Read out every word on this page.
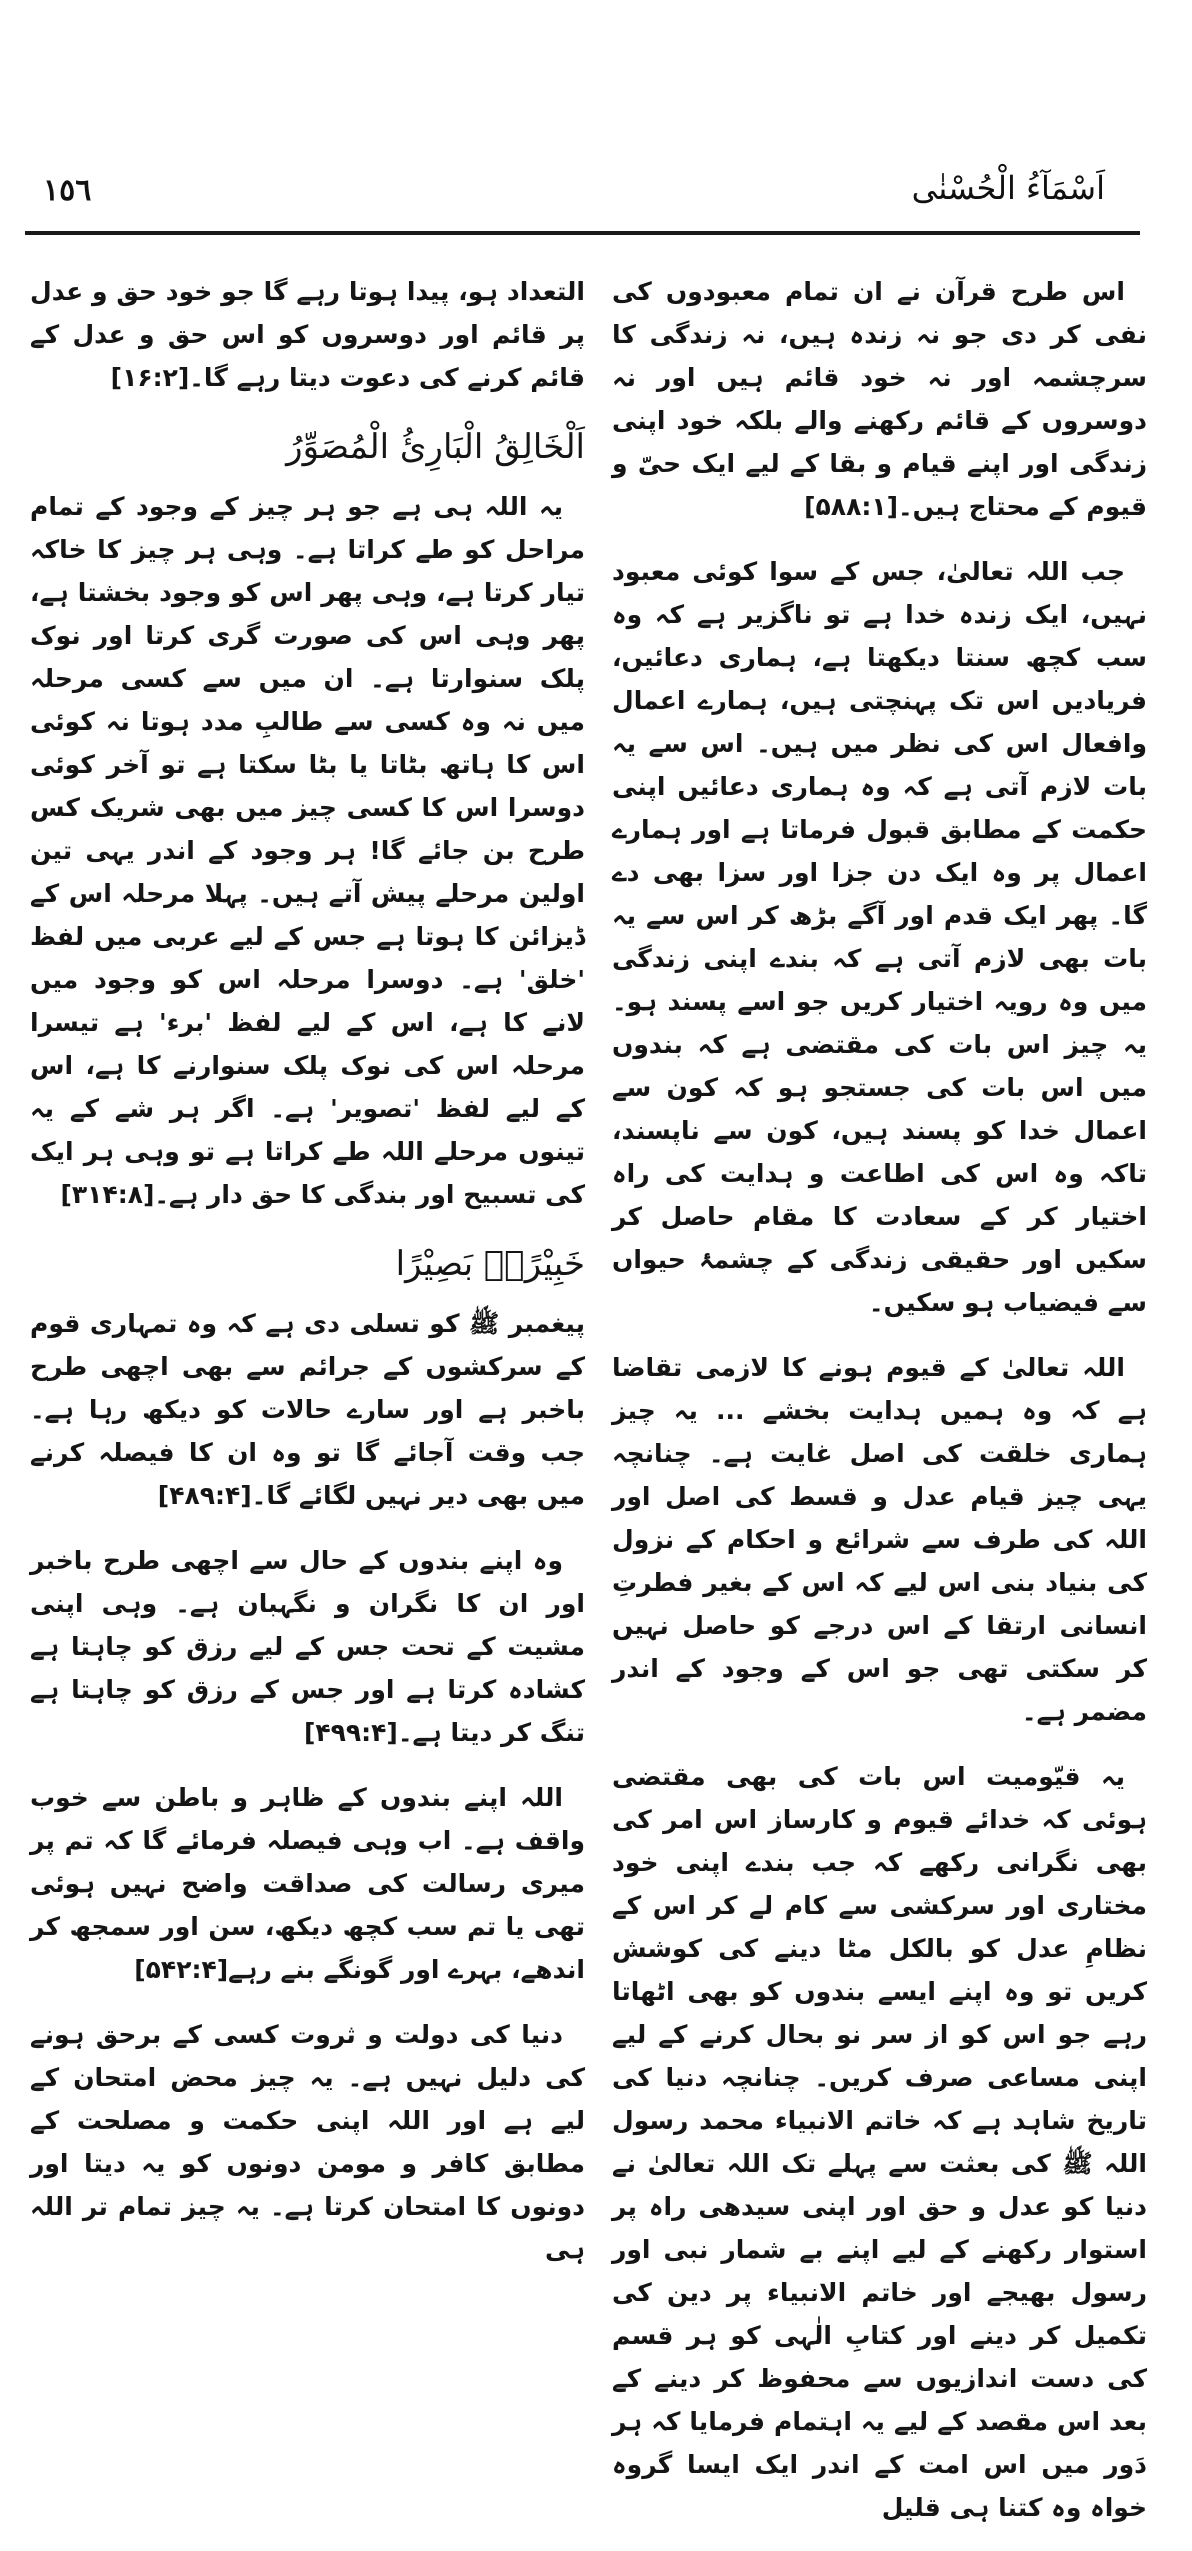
اَسْمَآءُ الْحُسْنٰی
١٥٦

اس طرح قرآن نے ان تمام معبودوں کی نفی کر دی جو نہ زندہ ہیں، نہ زندگی کا سرچشمہ اور نہ خود قائم ہیں اور نہ دوسروں کے قائم رکھنے والے بلکہ خود اپنی زندگی اور اپنے قیام و بقا کے لیے ایک حیّ و قیوم کے محتاج ہیں۔[۵۸۸:۱]

جب اللہ تعالیٰ، جس کے سوا کوئی معبود نہیں، ایک زندہ خدا ہے تو ناگزیر ہے کہ وہ سب کچھ سنتا دیکھتا ہے، ہماری دعائیں، فریادیں اس تک پہنچتی ہیں، ہمارے اعمال وافعال اس کی نظر میں ہیں۔ اس سے یہ بات لازم آتی ہے کہ وہ ہماری دعائیں اپنی حکمت کے مطابق قبول فرماتا ہے اور ہمارے اعمال پر وہ ایک دن جزا اور سزا بھی دے گا۔ پھر ایک قدم اور آگے بڑھ کر اس سے یہ بات بھی لازم آتی ہے کہ بندے اپنی زندگی میں وہ رویہ اختیار کریں جو اسے پسند ہو۔ یہ چیز اس بات کی مقتضی ہے کہ بندوں میں اس بات کی جستجو ہو کہ کون سے اعمال خدا کو پسند ہیں، کون سے ناپسند، تاکہ وہ اس کی اطاعت و ہدایت کی راہ اختیار کر کے سعادت کا مقام حاصل کر سکیں اور حقیقی زندگی کے چشمۂ حیواں سے فیضیاب ہو سکیں۔

اللہ تعالیٰ کے قیوم ہونے کا لازمی تقاضا ہے کہ وہ ہمیں ہدایت بخشے ... یہ چیز ہماری خلقت کی اصل غایت ہے۔ چنانچہ یہی چیز قیام عدل و قسط کی اصل اور اللہ کی طرف سے شرائع و احکام کے نزول کی بنیاد بنی اس لیے کہ اس کے بغیر فطرتِ انسانی ارتقا کے اس درجے کو حاصل نہیں کر سکتی تھی جو اس کے وجود کے اندر مضمر ہے۔

یہ قیّومیت اس بات کی بھی مقتضی ہوئی کہ خدائے قیوم و کارساز اس امر کی بھی نگرانی رکھے کہ جب بندے اپنی خود مختاری اور سرکشی سے کام لے کر اس کے نظامِ عدل کو بالکل مٹا دینے کی کوشش کریں تو وہ اپنے ایسے بندوں کو بھی اٹھاتا رہے جو اس کو از سر نو بحال کرنے کے لیے اپنی مساعی صرف کریں۔ چنانچہ دنیا کی تاریخ شاہد ہے کہ خاتم الانبیاء محمد رسول اللہ ﷺ کی بعثت سے پہلے تک اللہ تعالیٰ نے دنیا کو عدل و حق اور اپنی سیدھی راہ پر استوار رکھنے کے لیے اپنے بے شمار نبی اور رسول بھیجے اور خاتم الانبیاء پر دین کی تکمیل کر دینے اور کتابِ الٰہی کو ہر قسم کی دست اندازیوں سے محفوظ کر دینے کے بعد اس مقصد کے لیے یہ اہتمام فرمایا کہ ہر دَور میں اس امت کے اندر ایک ایسا گروہ خواہ وہ کتنا ہی قلیل

التعداد ہو، پیدا ہوتا رہے گا جو خود حق و عدل پر قائم اور دوسروں کو اس حق و عدل کے قائم کرنے کی دعوت دیتا رہے گا۔[۱۶:۲]

اَلْخَالِقُ الْبَارِیُٔ الْمُصَوِّرُ

یہ اللہ ہی ہے جو ہر چیز کے وجود کے تمام مراحل کو طے کراتا ہے۔ وہی ہر چیز کا خاکہ تیار کرتا ہے، وہی پھر اس کو وجود بخشتا ہے، پھر وہی اس کی صورت گری کرتا اور نوک پلک سنوارتا ہے۔ ان میں سے کسی مرحلہ میں نہ وہ کسی سے طالبِ مدد ہوتا نہ کوئی اس کا ہاتھ بٹاتا یا بٹا سکتا ہے تو آخر کوئی دوسرا اس کا کسی چیز میں بھی شریک کس طرح بن جائے گا! ہر وجود کے اندر یہی تین اولین مرحلے پیش آتے ہیں۔ پہلا مرحلہ اس کے ڈیزائن کا ہوتا ہے جس کے لیے عربی میں لفظ 'خلق' ہے۔ دوسرا مرحلہ اس کو وجود میں لانے کا ہے، اس کے لیے لفظ 'برء' ہے تیسرا مرحلہ اس کی نوک پلک سنوارنے کا ہے، اس کے لیے لفظ 'تصویر' ہے۔ اگر ہر شے کے یہ تینوں مرحلے اللہ طے کراتا ہے تو وہی ہر ایک کی تسبیح اور بندگی کا حق دار ہے۔[۳۱۴:۸]

خَبِیْرًاۢ بَصِیْرًا

پیغمبر ﷺ کو تسلی دی ہے کہ وہ تمہاری قوم کے سرکشوں کے جرائم سے بھی اچھی طرح باخبر ہے اور سارے حالات کو دیکھ رہا ہے۔ جب وقت آجائے گا تو وہ ان کا فیصلہ کرنے میں بھی دیر نہیں لگائے گا۔[۴۸۹:۴]

وہ اپنے بندوں کے حال سے اچھی طرح باخبر اور ان کا نگران و نگہبان ہے۔ وہی اپنی مشیت کے تحت جس کے لیے رزق کو چاہتا ہے کشادہ کرتا ہے اور جس کے رزق کو چاہتا ہے تنگ کر دیتا ہے۔[۴۹۹:۴]

اللہ اپنے بندوں کے ظاہر و باطن سے خوب واقف ہے۔ اب وہی فیصلہ فرمائے گا کہ تم پر میری رسالت کی صداقت واضح نہیں ہوئی تھی یا تم سب کچھ دیکھ، سن اور سمجھ کر اندھے، بہرے اور گونگے بنے رہے[۵۴۲:۴]

دنیا کی دولت و ثروت کسی کے برحق ہونے کی دلیل نہیں ہے۔ یہ چیز محض امتحان کے لیے ہے اور اللہ اپنی حکمت و مصلحت کے مطابق کافر و مومن دونوں کو یہ دیتا اور دونوں کا امتحان کرتا ہے۔ یہ چیز تمام تر اللہ ہی
